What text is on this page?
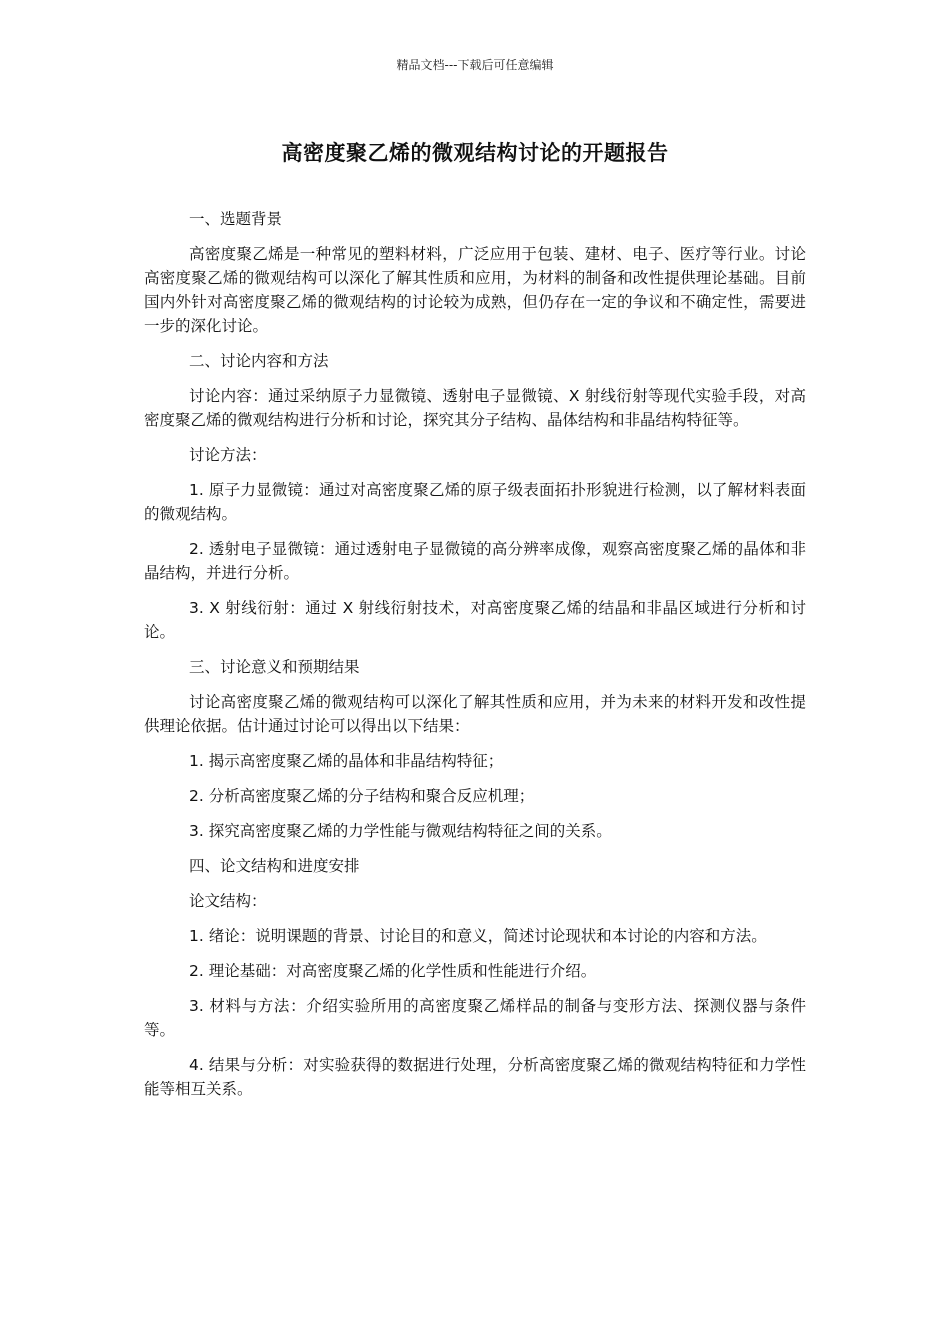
精品文档---下载后可任意编辑
高密度聚乙烯的微观结构讨论的开题报告

一、选题背景

高密度聚乙烯是一种常见的塑料材料，广泛应用于包装、建材、电子、医疗等行业。讨论高密度聚乙烯的微观结构可以深化了解其性质和应用，为材料的制备和改性提供理论基础。目前国内外针对高密度聚乙烯的微观结构的讨论较为成熟，但仍存在一定的争议和不确定性，需要进一步的深化讨论。

二、讨论内容和方法

讨论内容：通过采纳原子力显微镜、透射电子显微镜、X 射线衍射等现代实验手段，对高密度聚乙烯的微观结构进行分析和讨论，探究其分子结构、晶体结构和非晶结构特征等。

讨论方法：

1. 原子力显微镜：通过对高密度聚乙烯的原子级表面拓扑形貌进行检测，以了解材料表面的微观结构。

2. 透射电子显微镜：通过透射电子显微镜的高分辨率成像，观察高密度聚乙烯的晶体和非晶结构，并进行分析。

3. X 射线衍射：通过 X 射线衍射技术，对高密度聚乙烯的结晶和非晶区域进行分析和讨论。

三、讨论意义和预期结果

讨论高密度聚乙烯的微观结构可以深化了解其性质和应用，并为未来的材料开发和改性提供理论依据。估计通过讨论可以得出以下结果：

1. 揭示高密度聚乙烯的晶体和非晶结构特征；

2. 分析高密度聚乙烯的分子结构和聚合反应机理；

3. 探究高密度聚乙烯的力学性能与微观结构特征之间的关系。

四、论文结构和进度安排

论文结构：

1. 绪论：说明课题的背景、讨论目的和意义，简述讨论现状和本讨论的内容和方法。

2. 理论基础：对高密度聚乙烯的化学性质和性能进行介绍。

3. 材料与方法：介绍实验所用的高密度聚乙烯样品的制备与变形方法、探测仪器与条件等。

4. 结果与分析：对实验获得的数据进行处理，分析高密度聚乙烯的微观结构特征和力学性能等相互关系。
